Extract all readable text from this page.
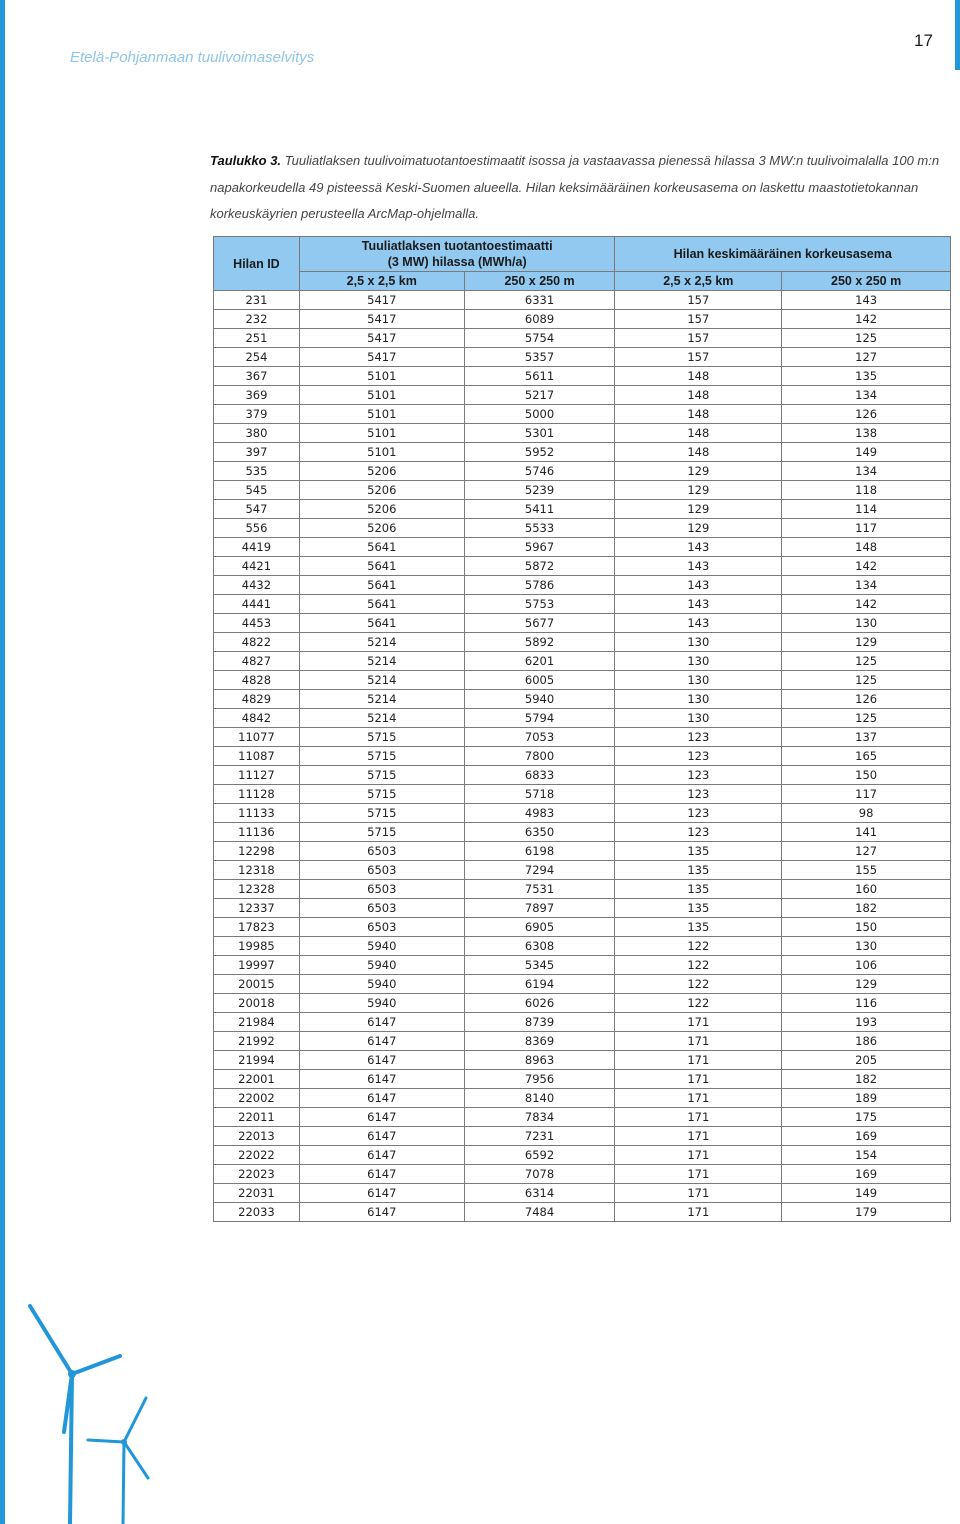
Etelä-Pohjanmaan tuulivoimaselvitys
17
Taulukko 3. Tuuliatlaksen tuulivoimatuotantoestimaatit isossa ja vastaavassa pienessä hilassa 3 MW:n tuulivoimalalla 100 m:n napakorkeudella 49 pisteessä Keski-Suomen alueella. Hilan keksimääräinen korkeusasema on laskettu maastotietokannan korkeuskäyrien perusteella ArcMap-ohjelmalla.
Hilan ID	Tuuliatlaksen tuotantoestimaatti
(3 MW) hilassa (MWh/a)		Hilan keskimääräinen korkeusasema	
	2,5 x 2,5 km	250 x 250 m	2,5 x 2,5 km	250 x 250 m
231	5417	6331	157	143
232	5417	6089	157	142
251	5417	5754	157	125
254	5417	5357	157	127
367	5101	5611	148	135
369	5101	5217	148	134
379	5101	5000	148	126
380	5101	5301	148	138
397	5101	5952	148	149
535	5206	5746	129	134
545	5206	5239	129	118
547	5206	5411	129	114
556	5206	5533	129	117
4419	5641	5967	143	148
4421	5641	5872	143	142
4432	5641	5786	143	134
4441	5641	5753	143	142
4453	5641	5677	143	130
4822	5214	5892	130	129
4827	5214	6201	130	125
4828	5214	6005	130	125
4829	5214	5940	130	126
4842	5214	5794	130	125
11077	5715	7053	123	137
11087	5715	7800	123	165
11127	5715	6833	123	150
11128	5715	5718	123	117
11133	5715	4983	123	98
11136	5715	6350	123	141
12298	6503	6198	135	127
12318	6503	7294	135	155
12328	6503	7531	135	160
12337	6503	7897	135	182
17823	6503	6905	135	150
19985	5940	6308	122	130
19997	5940	5345	122	106
20015	5940	6194	122	129
20018	5940	6026	122	116
21984	6147	8739	171	193
21992	6147	8369	171	186
21994	6147	8963	171	205
22001	6147	7956	171	182
22002	6147	8140	171	189
22011	6147	7834	171	175
22013	6147	7231	171	169
22022	6147	6592	171	154
22023	6147	7078	171	169
22031	6147	6314	171	149
22033	6147	7484	171	179
